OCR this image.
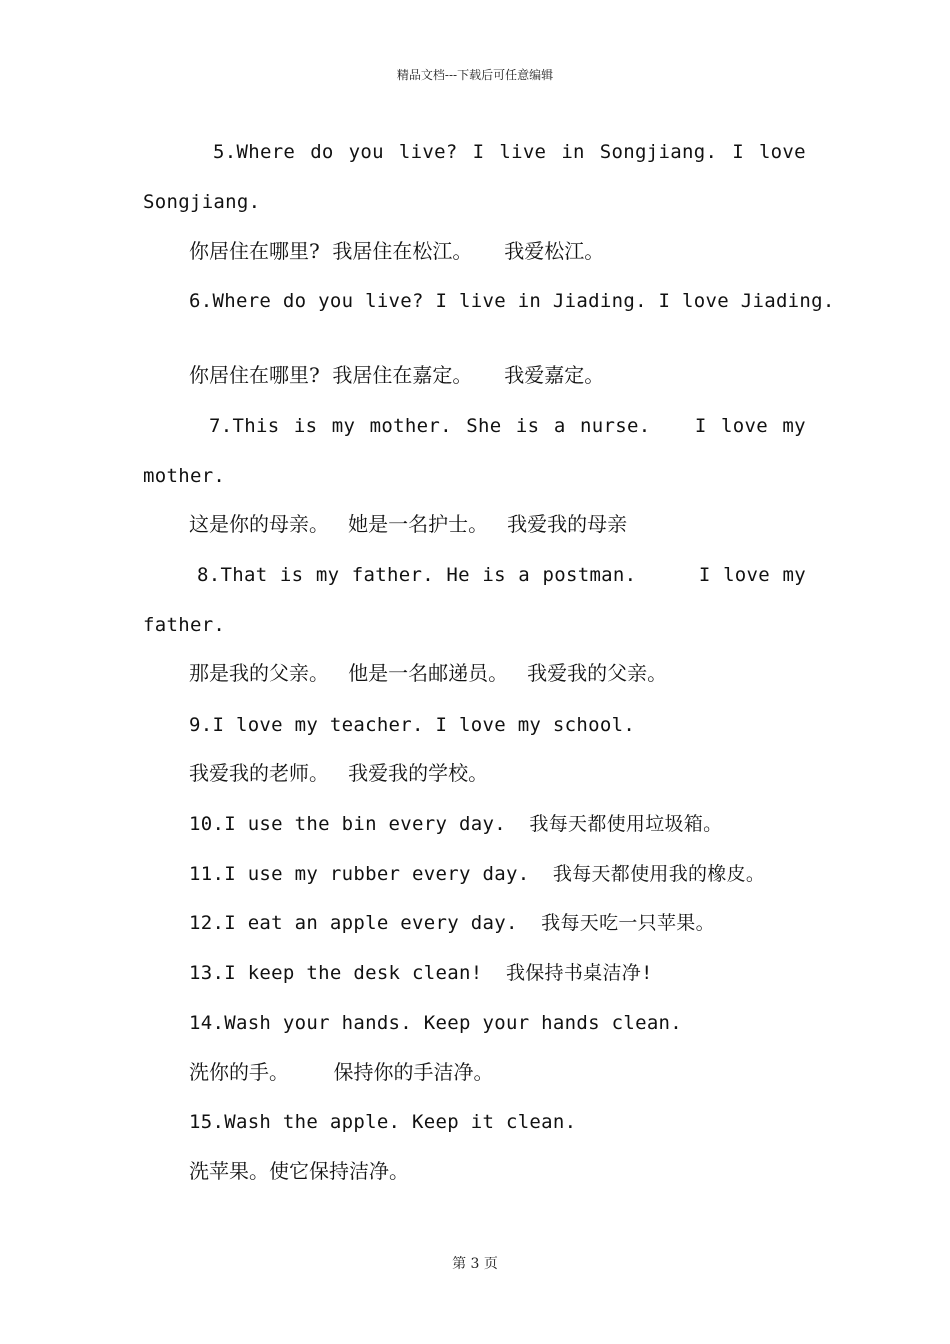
精品文档---下载后可任意编辑
5.Where do you live? I live in Songjiang. I love
Songjiang.
你居住在哪里?  我居住在松江。     我爱松江。
6.Where do you live? I live in Jiading. I love Jiading.
你居住在哪里?  我居住在嘉定。     我爱嘉定。
7.This is my mother. She is a nurse. I love my
mother.
这是你的母亲。   她是一名护士。   我爱我的母亲
8.That is my father. He is a postman.	I love my
father.
那是我的父亲。   他是一名邮递员。   我爱我的父亲。
9.I love my teacher. I love my school.
我爱我的老师。   我爱我的学校。
10.I use the bin every day.  我每天都使用垃圾箱。
11.I use my rubber every day.  我每天都使用我的橡皮。
12.I eat an apple every day.  我每天吃一只苹果。
13.I keep the desk clean!  我保持书桌洁净!
14.Wash your hands. Keep your hands clean.
洗你的手。       保持你的手洁净。
15.Wash the apple. Keep it clean.
洗苹果。使它保持洁净。
第 3 页
